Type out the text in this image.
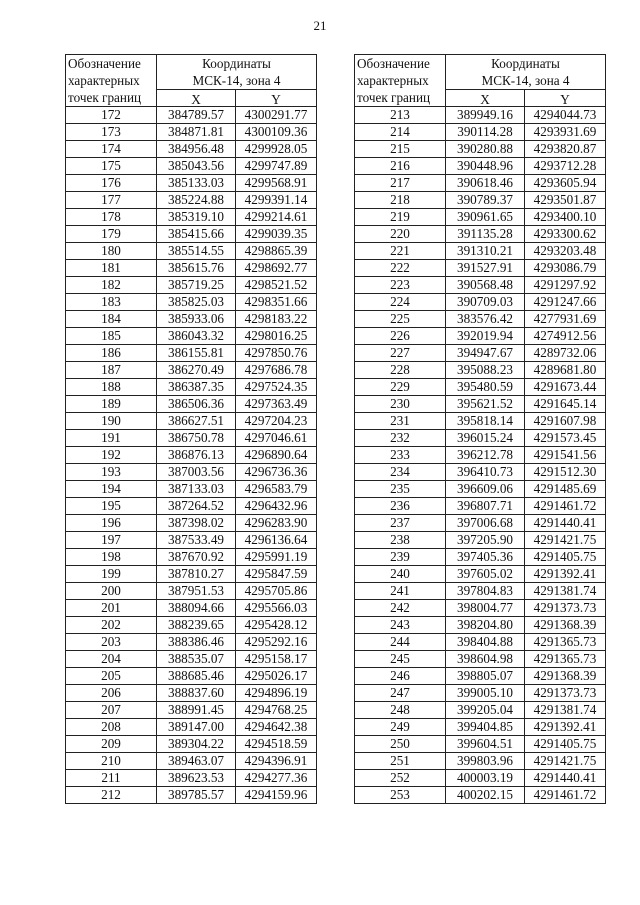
21
Обозначение
характерных
точек границ	Координаты
МСК-14, зона 4	

	X	Y
172	384789.57	4300291.77
173	384871.81	4300109.36
174	384956.48	4299928.05
175	385043.56	4299747.89
176	385133.03	4299568.91
177	385224.88	4299391.14
178	385319.10	4299214.61
179	385415.66	4299039.35
180	385514.55	4298865.39
181	385615.76	4298692.77
182	385719.25	4298521.52
183	385825.03	4298351.66
184	385933.06	4298183.22
185	386043.32	4298016.25
186	386155.81	4297850.76
187	386270.49	4297686.78
188	386387.35	4297524.35
189	386506.36	4297363.49
190	386627.51	4297204.23
191	386750.78	4297046.61
192	386876.13	4296890.64
193	387003.56	4296736.36
194	387133.03	4296583.79
195	387264.52	4296432.96
196	387398.02	4296283.90
197	387533.49	4296136.64
198	387670.92	4295991.19
199	387810.27	4295847.59
200	387951.53	4295705.86
201	388094.66	4295566.03
202	388239.65	4295428.12
203	388386.46	4295292.16
204	388535.07	4295158.17
205	388685.46	4295026.17
206	388837.60	4294896.19
207	388991.45	4294768.25
208	389147.00	4294642.38
209	389304.22	4294518.59
210	389463.07	4294396.91
211	389623.53	4294277.36
212	389785.57	4294159.96
Обозначение
характерных
точек границ	Координаты
МСК-14, зона 4	

	X	Y
213	389949.16	4294044.73
214	390114.28	4293931.69
215	390280.88	4293820.87
216	390448.96	4293712.28
217	390618.46	4293605.94
218	390789.37	4293501.87
219	390961.65	4293400.10
220	391135.28	4293300.62
221	391310.21	4293203.48
222	391527.91	4293086.79
223	390568.48	4291297.92
224	390709.03	4291247.66
225	383576.42	4277931.69
226	392019.94	4274912.56
227	394947.67	4289732.06
228	395088.23	4289681.80
229	395480.59	4291673.44
230	395621.52	4291645.14
231	395818.14	4291607.98
232	396015.24	4291573.45
233	396212.78	4291541.56
234	396410.73	4291512.30
235	396609.06	4291485.69
236	396807.71	4291461.72
237	397006.68	4291440.41
238	397205.90	4291421.75
239	397405.36	4291405.75
240	397605.02	4291392.41
241	397804.83	4291381.74
242	398004.77	4291373.73
243	398204.80	4291368.39
244	398404.88	4291365.73
245	398604.98	4291365.73
246	398805.07	4291368.39
247	399005.10	4291373.73
248	399205.04	4291381.74
249	399404.85	4291392.41
250	399604.51	4291405.75
251	399803.96	4291421.75
252	400003.19	4291440.41
253	400202.15	4291461.72
